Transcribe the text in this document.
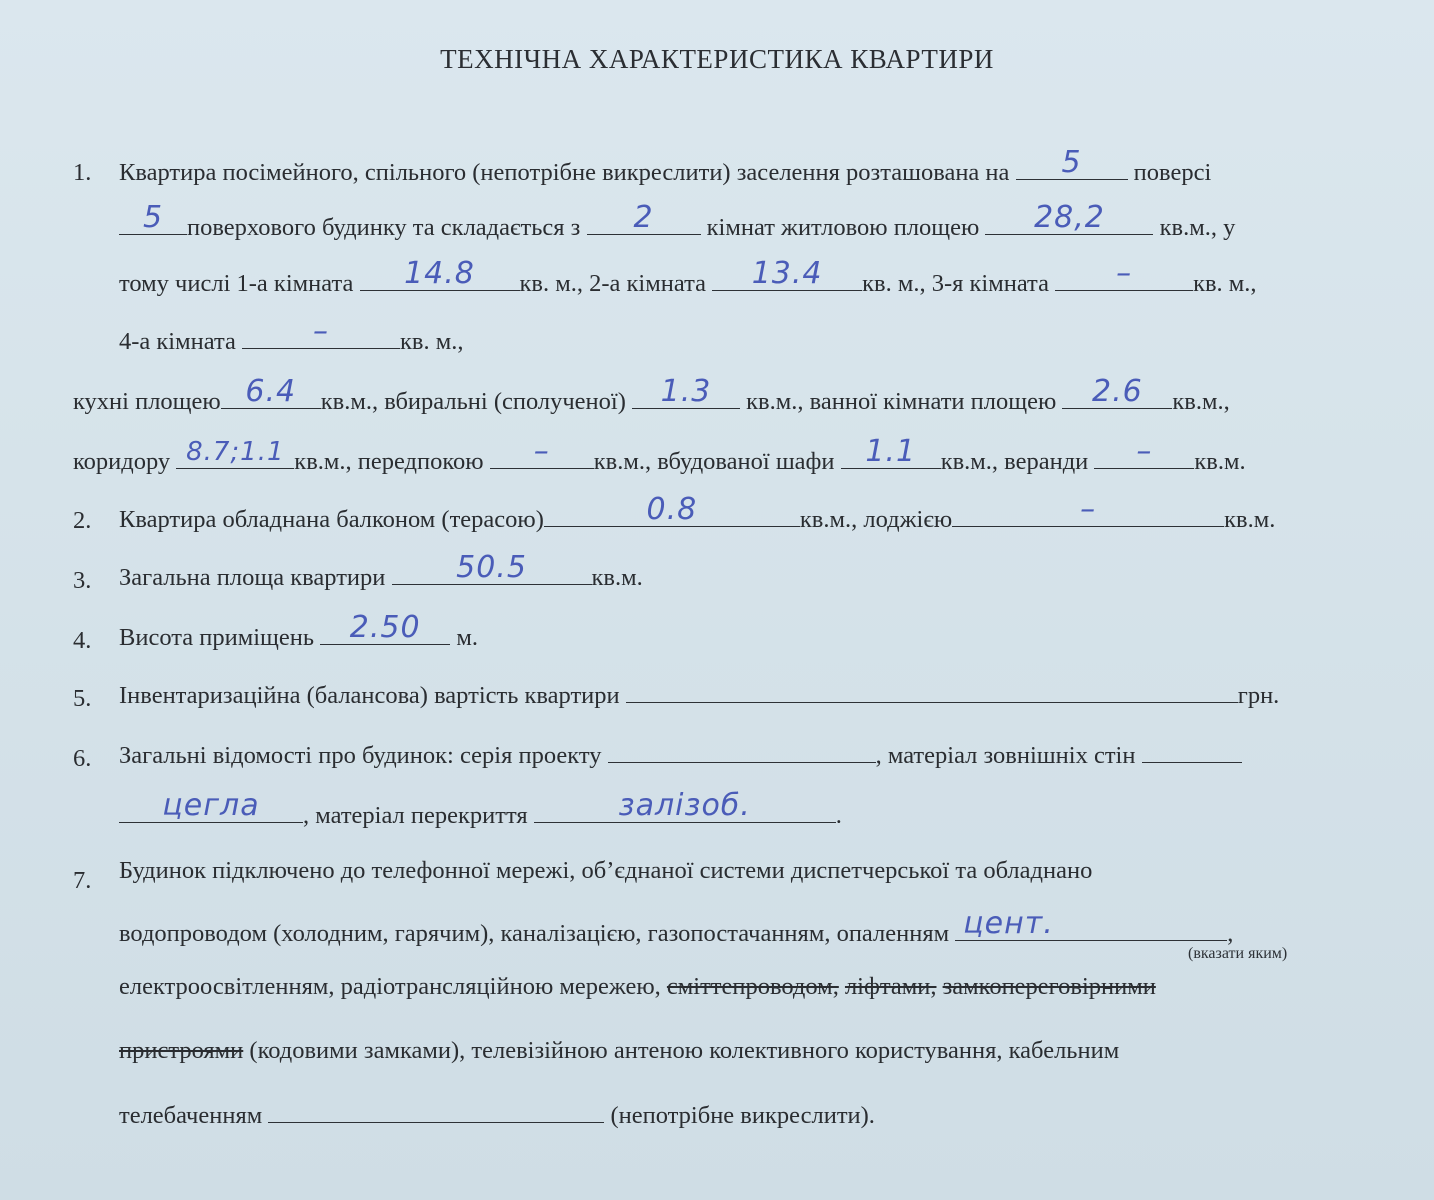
ТЕХНІЧНА ХАРАКТЕРИСТИКА КВАРТИРИ
1. Квартира посімейного, спільного (непотрібне викреслити) заселення розташована на	5	поверсі
5 поверхового будинку та складається з	2	кімнат житловою площею	28,2	кв.м., у
тому числі 1-а кімната	14.8	кв. м., 2-а кімната	13.4	кв. м., 3-я кімната	–	кв. м.,
4-а кімната	–	кв. м.,
кухні площею 6.4	кв.м., вбиральні (сполученої)	1.3	кв.м., ванної кімнати площею	2.6	кв.м.,
коридору 8.7;1.1 кв.м., передпокою	–	кв.м., вбудованої шафи	1.1	кв.м., веранди	–	кв.м.
2. Квартира обладнана балконом (терасою)	0.8	кв.м., лоджією	–	кв.м.
3. Загальна площа квартири	50.5	кв.м.
4. Висота приміщень	2.50	м.
5. Інвентаризаційна (балансова) вартість квартири	грн.
6. Загальні відомості про будинок: серія проекту	, матеріал зовнішніх стін
цегла	, матеріал перекриття	залізоб.	.
7. Будинок підключено до телефонної мережі, об’єднаної системи диспетчерської та обладнано
водопроводом (холодним, гарячим), каналізацією, газопостачанням, опаленням цент.	,
(вказати яким)
електроосвітленням, радіотрансляційною мережею, сміттепроводом, ліфтами, замкопереговірними
пристроями (кодовими замками), телевізійною антеною колективного користування, кабельним
телебаченням	(непотрібне викреслити).
